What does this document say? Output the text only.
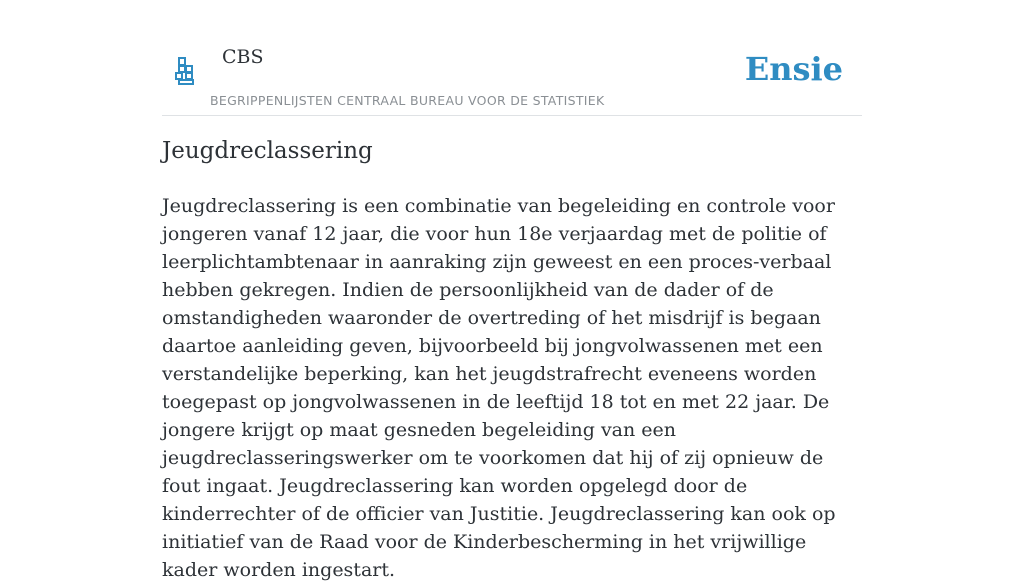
CBS
BEGRIPPENLIJSTEN CENTRAAL BUREAU VOOR DE STATISTIEK
Ensie
Jeugdreclassering

Jeugdreclassering is een combinatie van begeleiding en controle voor jongeren vanaf 12 jaar, die voor hun 18e verjaardag met de politie of leerplichtambtenaar in aanraking zijn geweest en een proces-verbaal hebben gekregen. Indien de persoonlijkheid van de dader of de omstandigheden waaronder de overtreding of het misdrijf is begaan daartoe aanleiding geven, bijvoorbeeld bij jongvolwassenen met een verstandelijke beperking, kan het jeugdstrafrecht eveneens worden toegepast op jongvolwassenen in de leeftijd 18 tot en met 22 jaar. De jongere krijgt op maat gesneden begeleiding van een jeugdreclasseringswerker om te voorkomen dat hij of zij opnieuw de fout ingaat. Jeugdreclassering kan worden opgelegd door de kinderrechter of de officier van Justitie. Jeugdreclassering kan ook op initiatief van de Raad voor de Kinderbescherming in het vrijwillige kader worden ingestart.
